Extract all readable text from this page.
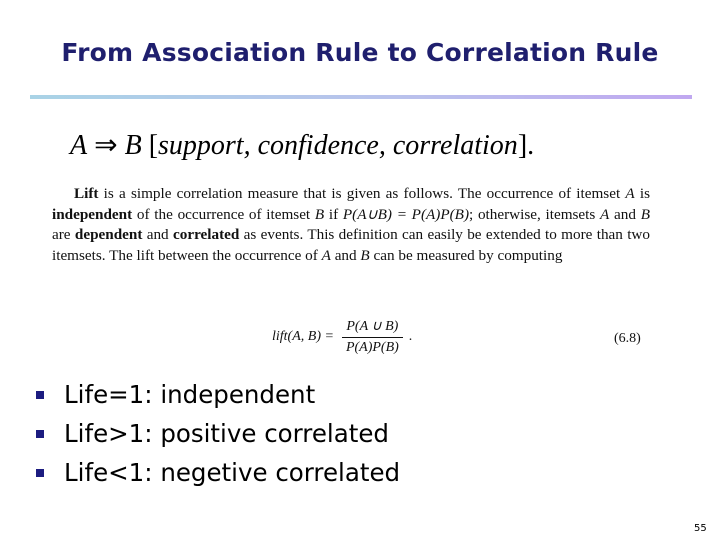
From Association Rule to Correlation Rule
A ⇒ B [support, confidence, correlation].
Lift is a simple correlation measure that is given as follows. The occurrence of itemset A is independent of the occurrence of itemset B if P(A∪B) = P(A)P(B); otherwise, itemsets A and B are dependent and correlated as events. This definition can easily be extended to more than two itemsets. The lift between the occurrence of A and B can be measured by computing
lift(A, $B) = \frac{P(A \cup B)}{P(A)P(B)}$ .	(6.8)
Life=1: independent
Life>1: positive correlated
Life<1: negetive correlated
55
